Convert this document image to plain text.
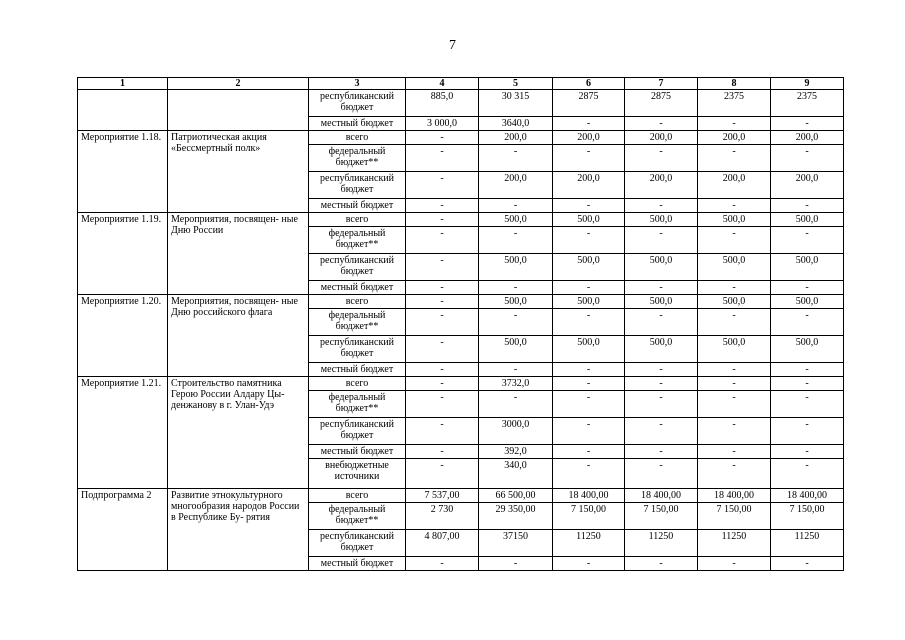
7
1	2	3	4	5	6	7	8	9
		республиканский бюджет	885,0	30 315	2875	2875	2375	2375
		местный бюджет	3 000,0	3640,0	-	-	-	-
Мероприятие 1.18.	Патриотическая акция «Бессмертный полк»	всего	-	200,0	200,0	200,0	200,0	200,0
		федеральный бюджет**	-	-	-	-	-	-
		республиканский бюджет	-	200,0	200,0	200,0	200,0	200,0
		местный бюджет	-	-	-	-	-	-
Мероприятие 1.19.	Мероприятия, посвящен- ные Дню России	всего	-	500,0	500,0	500,0	500,0	500,0
		федеральный бюджет**	-	-	-	-	-	-
		республиканский бюджет	-	500,0	500,0	500,0	500,0	500,0
		местный бюджет	-	-	-	-	-	-
Мероприятие 1.20.	Мероприятия, посвящен- ные Дню российского флага	всего	-	500,0	500,0	500,0	500,0	500,0
		федеральный бюджет**	-	-	-	-	-	-
		республиканский бюджет	-	500,0	500,0	500,0	500,0	500,0
		местный бюджет	-	-	-	-	-	-
Мероприятие 1.21.	Строительство памятника Герою России Алдару Цы- денжанову в г. Улан-Удэ	всего	-	3732,0	-	-	-	-
		федеральный бюджет**	-	-	-	-	-	-
		республиканский бюджет	-	3000,0	-	-	-	-
		местный бюджет	-	392,0	-	-	-	-
		внебюджетные источники	-	340,0	-	-	-	-
Подпрограмма 2	Развитие этнокультурного многообразия народов России в Республике Бу- рятия	всего	7 537,00	66 500,00	18 400,00	18 400,00	18 400,00	18 400,00
		федеральный бюджет**	2 730	29 350,00	7 150,00	7 150,00	7 150,00	7 150,00
		республиканский бюджет	4 807,00	37150	11250	11250	11250	11250
		местный бюджет	-	-	-	-	-	-
